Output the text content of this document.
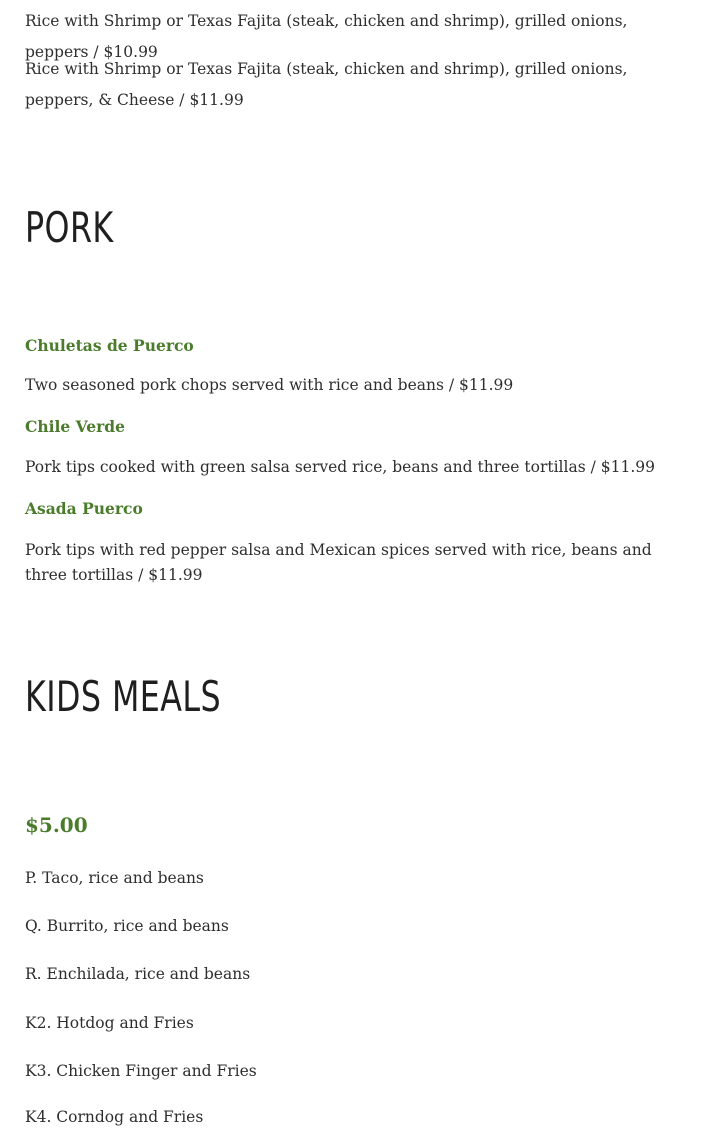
Rice with Shrimp or Texas Fajita (steak, chicken and shrimp), grilled onions, peppers / $10.99

Rice with Shrimp or Texas Fajita (steak, chicken and shrimp), grilled onions, peppers, & Cheese / $11.99

PORK

Chuletas de Puerco

Two seasoned pork chops served with rice and beans / $11.99

Chile Verde

Pork tips cooked with green salsa served rice, beans and three tortillas / $11.99

Asada Puerco

Pork tips with red pepper salsa and Mexican spices served with rice, beans and three tortillas / $11.99

KIDS MEALS

$5.00

P. Taco, rice and beans

Q. Burrito, rice and beans

R. Enchilada, rice and beans

K2. Hotdog and Fries

K3. Chicken Finger and Fries

K4. Corndog and Fries
